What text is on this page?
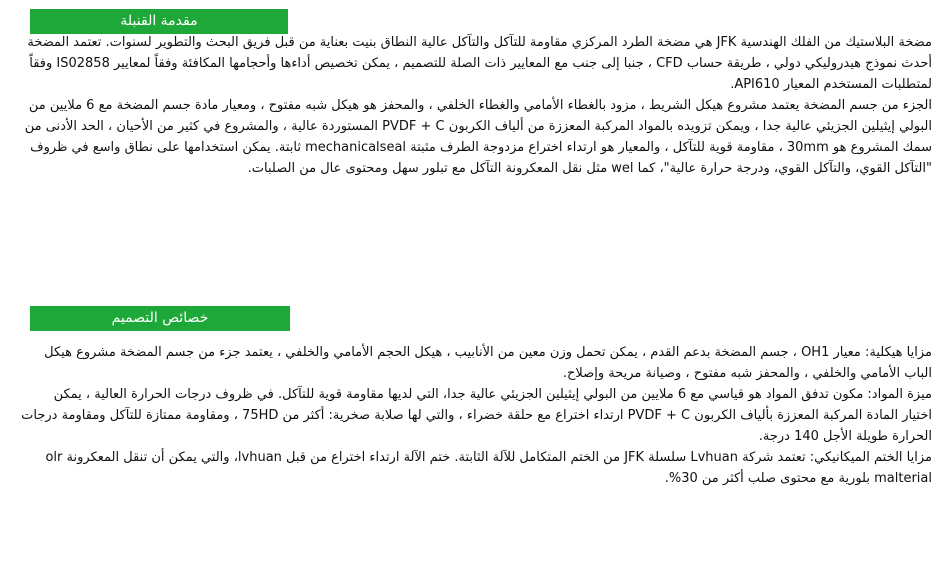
مقدمة القنبلة

مضخة البلاستيك من الفلك الهندسية JFK هي مضخة الطرد المركزي مقاومة للتآكل والتآكل عالية النطاق بنيت بعناية من قبل فريق البحث والتطوير لسنوات. تعتمد المضخة أحدث نموذج هيدروليكي دولي ، طريقة حساب CFD ، جنبا إلى جنب مع المعايير ذات الصلة للتصميم ، يمكن تخصيص أداءها وأحجامها المكافئة وفقاً لمعايير IS02858 وفقاً لمتطلبات المستخدم المعيار API610.

الجزء من جسم المضخة يعتمد مشروع هيكل الشريط ، مزود بالغطاء الأمامي والغطاء الخلفي ، والمحفز هو هيكل شبه مفتوح ، ومعيار مادة جسم المضخة مع 6 ملايين من البولي إيثيلين الجزيئي عالية جدا ، ويمكن تزويده بالمواد المركبة المعززة من ألياف الكربون PVDF + C المستوردة عالية ، والمشروع في كثير من الأحيان ، الحد الأدنى من سمك المشروع هو 30mm ، مقاومة قوية للتآكل ، والمعيار هو ارتداء اختراع مزدوجة الطرف مثبتة mechanicalseal ثابتة. يمكن استخدامها على نطاق واسع في ظروف "التآكل القوي، والتآكل القوي، ودرجة حرارة عالية"، كما wel مثل نقل المعكرونة التآكل مع تبلور سهل ومحتوى عال من الصلبات.

خصائص التصميم

مزايا هيكلية: معيار OH1 ، جسم المضخة بدعم القدم ، يمكن تحمل وزن معين من الأنابيب ، هيكل الحجم الأمامي والخلفي ، يعتمد جزء من جسم المضخة مشروع هيكل الباب الأمامي والخلفي ، والمحفز شبه مفتوح ، وصيانة مريحة وإصلاح.

ميزة المواد: مكون تدفق المواد هو قياسي مع 6 ملايين من البولي إيثيلين الجزيئي عالية جدا، التي لديها مقاومة قوية للتآكل. في ظروف درجات الحرارة العالية ، يمكن اختيار المادة المركبة المعززة بألياف الكربون PVDF + C ارتداء اختراع مع حلقة خضراء ، والتي لها صلابة صخرية: أكثر من 75HD ، ومقاومة ممتازة للتآكل ومقاومة درجات الحرارة طويلة الأجل 140 درجة.

مزايا الختم الميكانيكي: تعتمد شركة Lvhuan سلسلة JFK من الختم المتكامل للآلة الثابتة. ختم الآلة ارتداء اختراع من قبل lvhuan، والتي يمكن أن تنقل المعكرونة olr malterial بلورية مع محتوى صلب أكثر من 30%.
